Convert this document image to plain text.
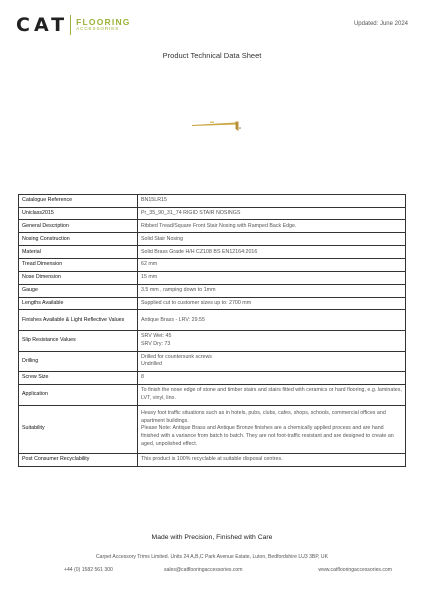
CAT FLOORING
ACCESSORIES
Updated: June 2024
Product Technical Data Sheet
Catalogue Reference	BN15LR15
Uniclass2015	Pr_35_90_31_74 RIGID STAIR NOSINGS
General Description	Ribbed Tread/Square Front Stair Nosing with Ramped Back Edge.
Nosing Construction	Solid Stair Nosing
Material	Solid Brass Grade H/H CZ108 BS EN12164:2016
Tread Dimension	62 mm
Nose Dimension	15 mm
Gauge	3.5 mm , ramping down to 1mm
Lengths Available	Supplied cut to customer sizes up to: 2700 mm
Finishes Available & Light Reflective Values	Antique Brass - LRV: 29.55
Slip Resistance Values	SRV Wet: 45
SRV Dry: 73

Drilling	Drilled for countersunk screws
Undrilled

Screw Size	8
Application	To finish the nose edge of stone and timber stairs and stairs fitted with ceramics or hard flooring, e.g. laminates, LVT, vinyl, lino.
Suitability	Heavy foot traffic situations such as in hotels, pubs, clubs, cafes, shops, schools, commercial offices and apartment buildings.
Please Note: Antique Brass and Antique Bronze finishes are a chemically applied process and are hand finished with a variance from batch to batch. They are not foot-traffic resistant and are designed to create an aged, unpolished effect.

Post Consumer Recyclability	This product is 100% recyclable at suitable disposal centres.
Made with Precision, Finished with Care
Carpet Accessory Trims Limited. Units 24 A,B,C Park Avenue Estate, Luton, Bedfordshire LU3 3BP, UK
+44 (0) 1582 561 300	sales@catflooringaccessories.com	www.catflooringaccessories.com
